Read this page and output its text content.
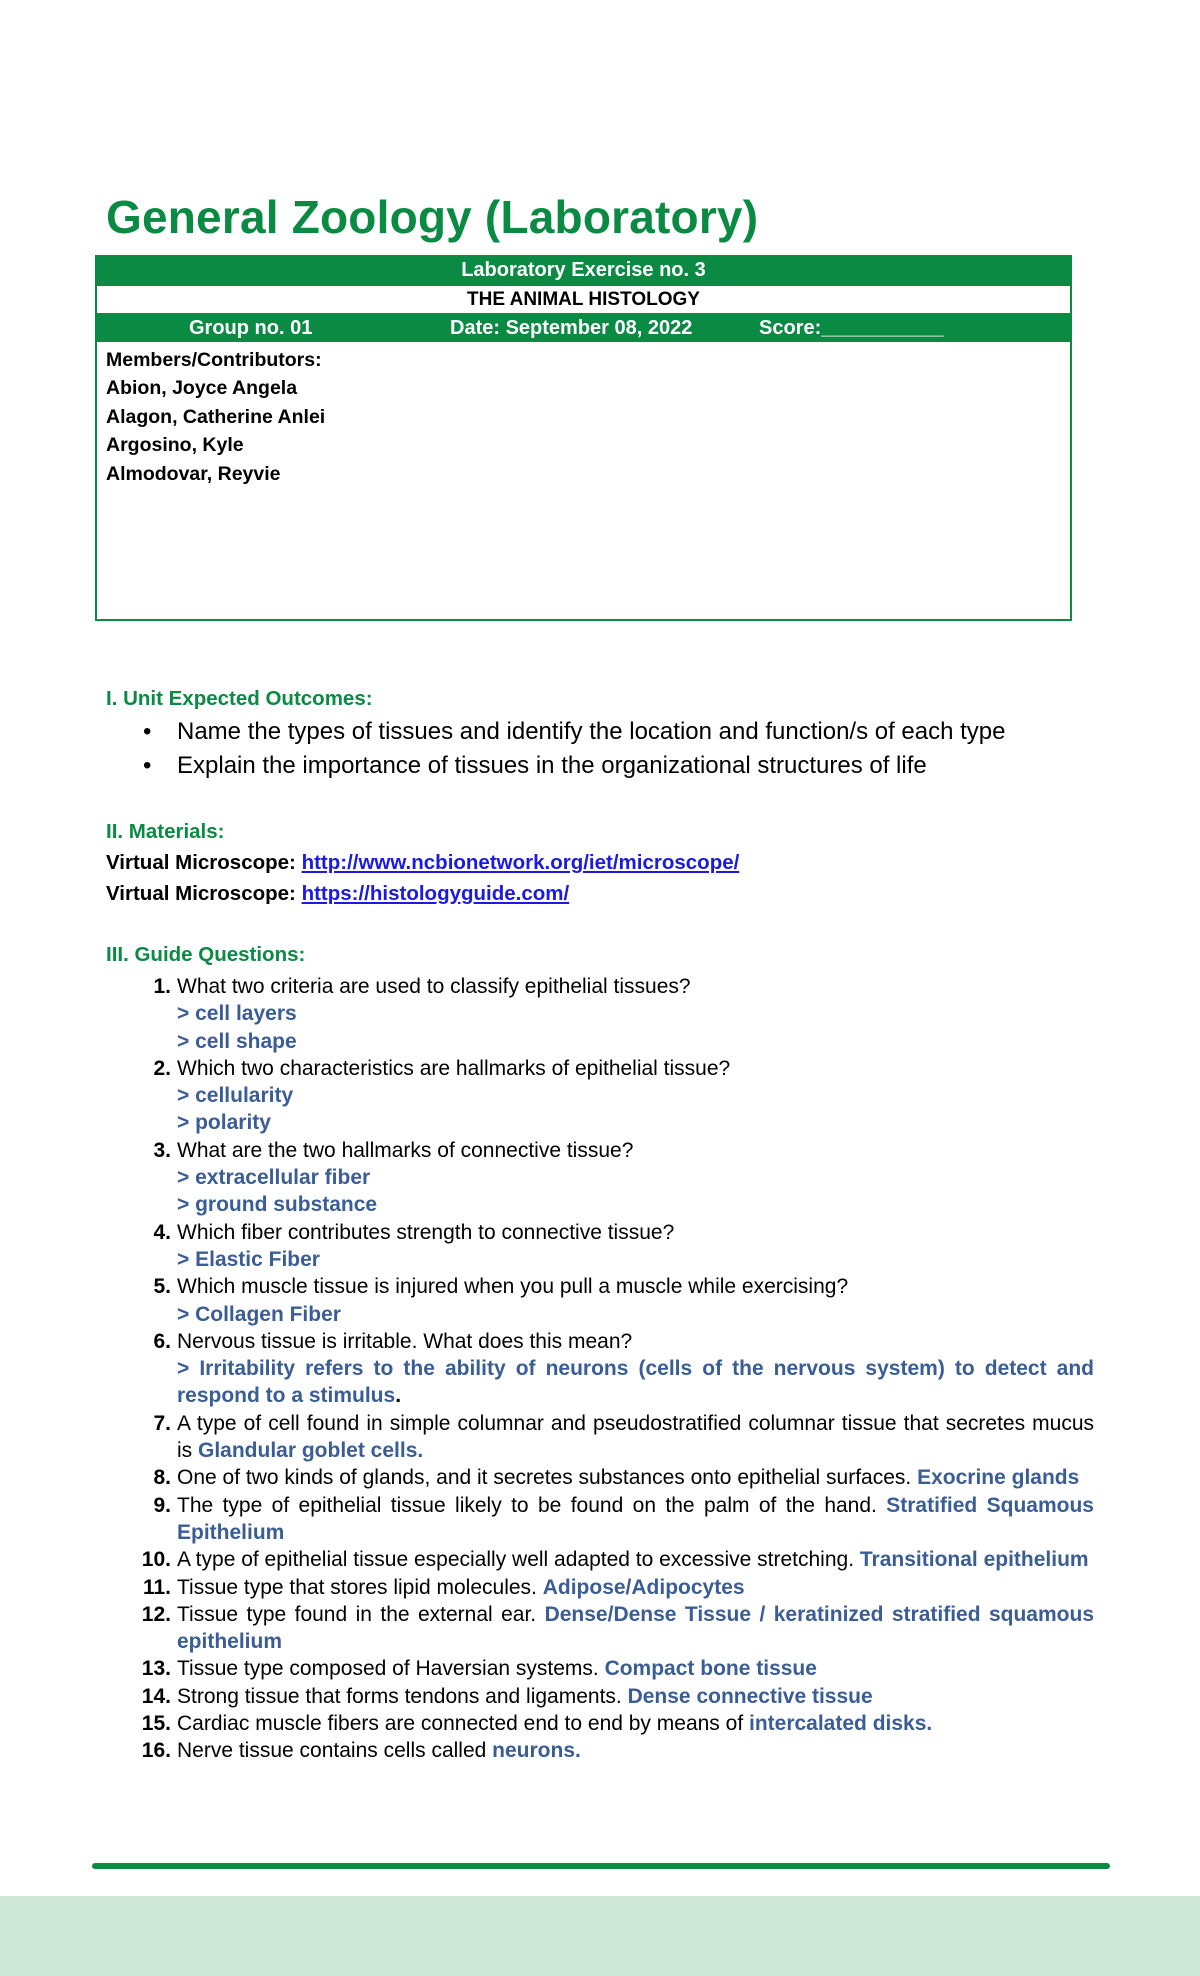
General Zoology (Laboratory)
Laboratory Exercise no. 3
THE ANIMAL HISTOLOGY
Group no. 01	Date: September 08, 2022	Score:___________
Members/Contributors:
Abion, Joyce Angela
Alagon, Catherine Anlei
Argosino, Kyle
Almodovar, Reyvie
I. Unit Expected Outcomes:
• Name the types of tissues and identify the location and function/s of each type
• Explain the importance of tissues in the organizational structures of life
II. Materials:
Virtual Microscope: http://www.ncbionetwork.org/iet/microscope/
Virtual Microscope: https://histologyguide.com/
III. Guide Questions:
1. What two criteria are used to classify epithelial tissues?
> cell layers
> cell shape
2. Which two characteristics are hallmarks of epithelial tissue?
> cellularity
> polarity
3. What are the two hallmarks of connective tissue?
> extracellular fiber
> ground substance
4. Which fiber contributes strength to connective tissue?
> Elastic Fiber
5. Which muscle tissue is injured when you pull a muscle while exercising?
> Collagen Fiber
6. Nervous tissue is irritable. What does this mean?
> Irritability refers to the ability of neurons (cells of the nervous system) to detect and respond to a stimulus.
7. A type of cell found in simple columnar and pseudostratified columnar tissue that secretes mucus is Glandular goblet cells.
8. One of two kinds of glands, and it secretes substances onto epithelial surfaces. Exocrine glands
9. The type of epithelial tissue likely to be found on the palm of the hand. Stratified Squamous Epithelium
10. A type of epithelial tissue especially well adapted to excessive stretching. Transitional epithelium
11. Tissue type that stores lipid molecules. Adipose/Adipocytes
12. Tissue type found in the external ear. Dense/Dense Tissue / keratinized stratified squamous epithelium
13. Tissue type composed of Haversian systems. Compact bone tissue
14. Strong tissue that forms tendons and ligaments. Dense connective tissue
15. Cardiac muscle fibers are connected end to end by means of intercalated disks.
16. Nerve tissue contains cells called neurons.
